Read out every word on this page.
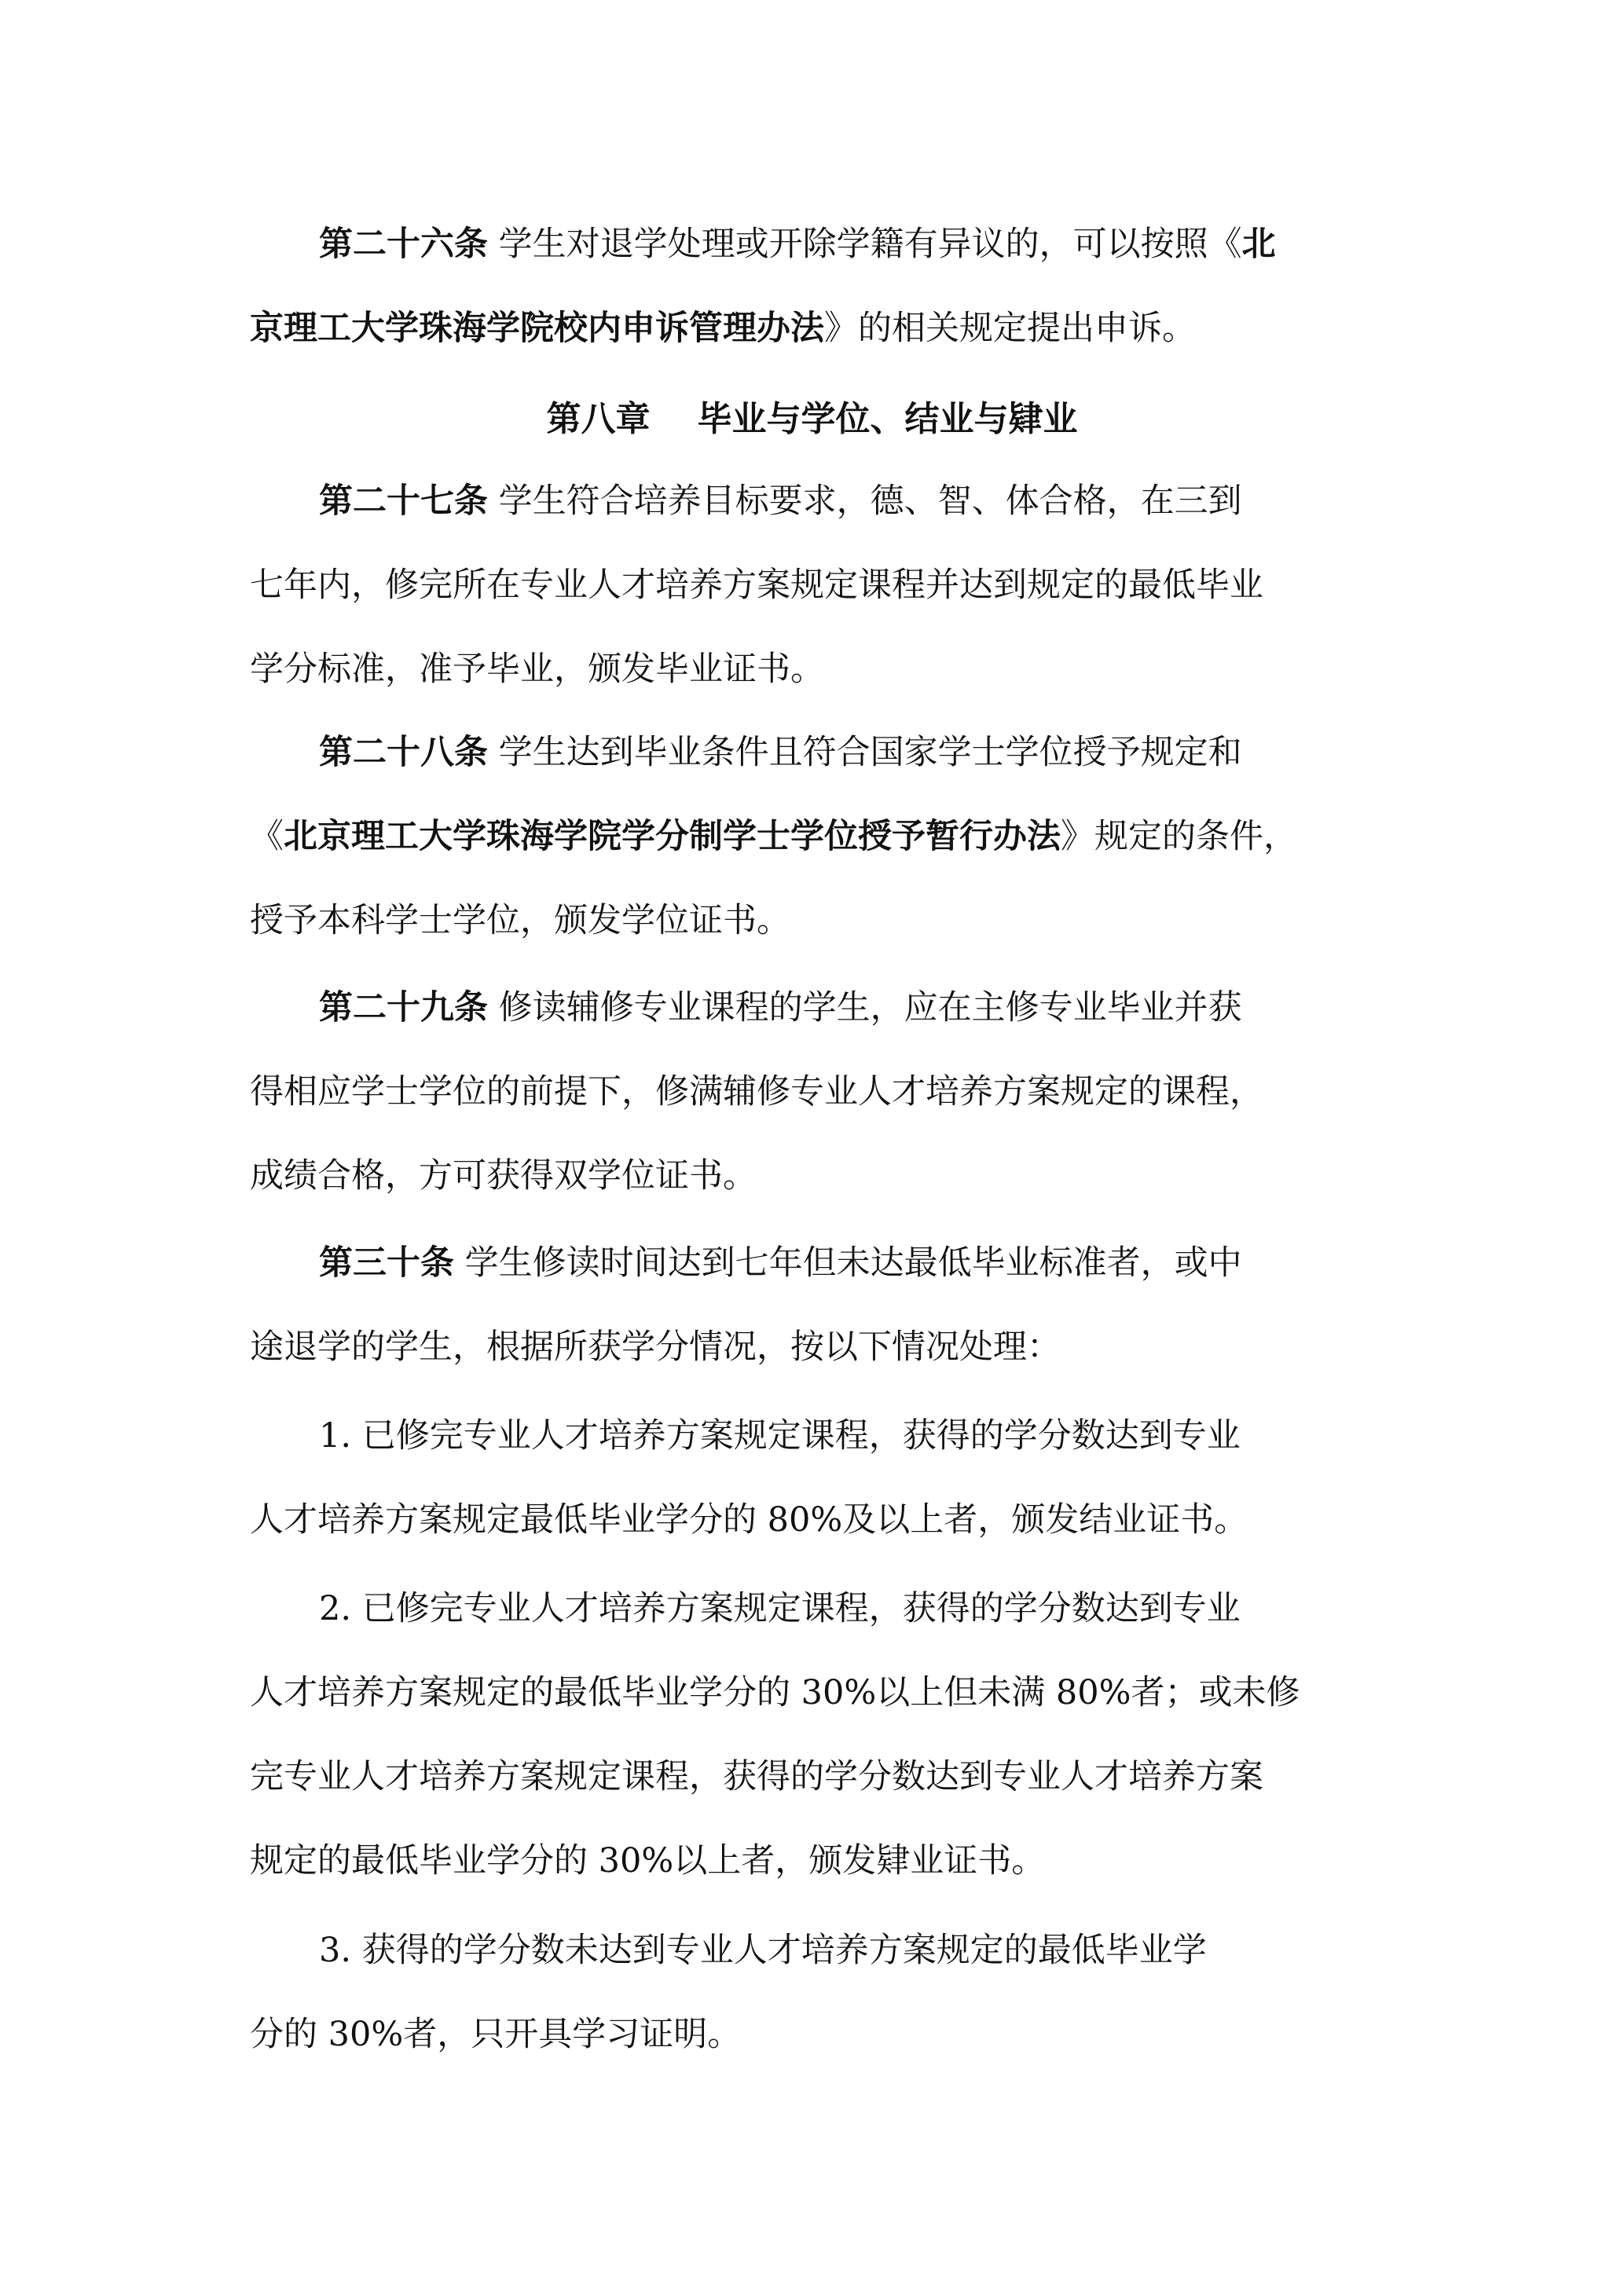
第二十六条 学生对退学处理或开除学籍有异议的，可以按照《北
京理工大学珠海学院校内申诉管理办法》的相关规定提出申诉。
第八章 毕业与学位、结业与肄业
第二十七条 学生符合培养目标要求，德、智、体合格，在三到
七年内，修完所在专业人才培养方案规定课程并达到规定的最低毕业
学分标准，准予毕业，颁发毕业证书。
第二十八条 学生达到毕业条件且符合国家学士学位授予规定和
《北京理工大学珠海学院学分制学士学位授予暂行办法》规定的条件，
授予本科学士学位，颁发学位证书。
第二十九条 修读辅修专业课程的学生，应在主修专业毕业并获
得相应学士学位的前提下，修满辅修专业人才培养方案规定的课程，
成绩合格，方可获得双学位证书。
第三十条 学生修读时间达到七年但未达最低毕业标准者，或中
途退学的学生，根据所获学分情况，按以下情况处理：
1. 已修完专业人才培养方案规定课程，获得的学分数达到专业
人才培养方案规定最低毕业学分的 80%及以上者，颁发结业证书。
2. 已修完专业人才培养方案规定课程，获得的学分数达到专业
人才培养方案规定的最低毕业学分的 30%以上但未满 80%者；或未修
完专业人才培养方案规定课程，获得的学分数达到专业人才培养方案
规定的最低毕业学分的 30%以上者，颁发肄业证书。
3. 获得的学分数未达到专业人才培养方案规定的最低毕业学
分的 30%者，只开具学习证明。
